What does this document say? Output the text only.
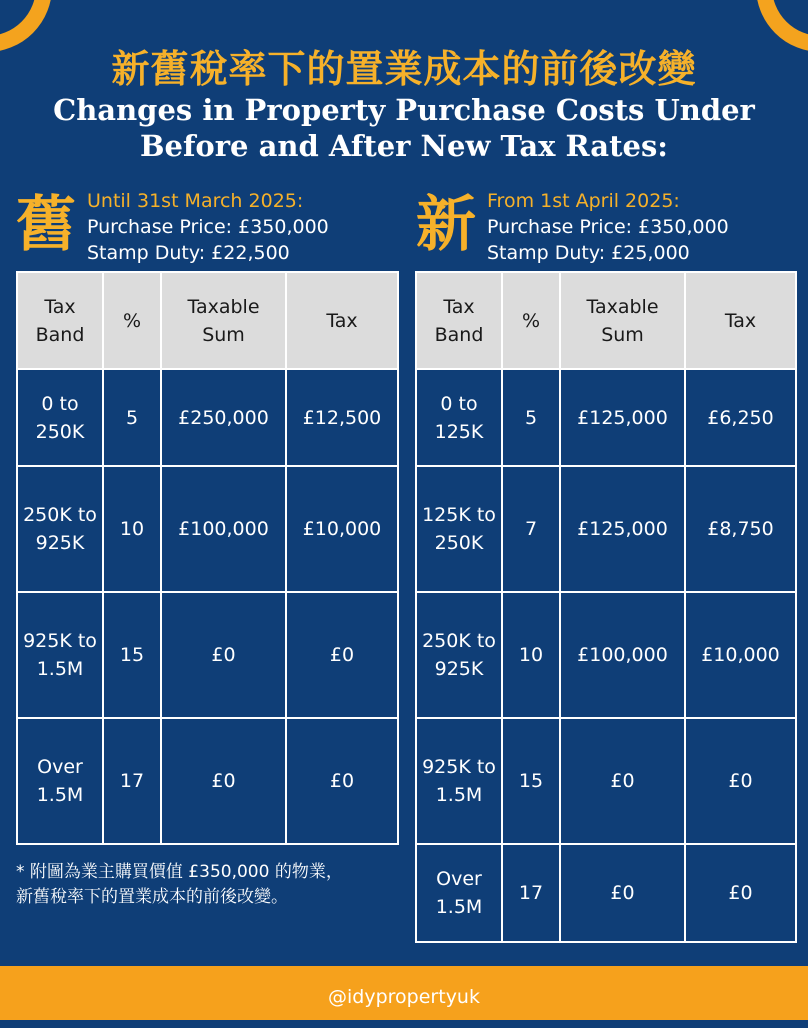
新舊稅率下的置業成本的前後改變
Changes in Property Purchase Costs Under
Before and After New Tax Rates:
舊 Until 31st March 2025:
Purchase Price: £350,000
Stamp Duty: £22,500	新 From 1st April 2025:
Purchase Price: £350,000
Stamp Duty: £25,000
Tax Band	%	Taxable Sum	Tax
0 to 250K	5	£250,000	£12,500
250K to 925K	10	£100,000	£10,000
925K to 1.5M	15	£0	£0
Over 1.5M	17	£0	£0
Tax Band	%	Taxable Sum	Tax
0 to 125K	5	£125,000	£6,250
125K to 250K	7	£125,000	£8,750
250K to 925K	10	£100,000	£10,000
925K to 1.5M	15	£0	£0
Over 1.5M	17	£0	£0
* 附圖為業主購買價值 £350,000 的物業，
新舊稅率下的置業成本的前後改變。
@idypropertyuk
